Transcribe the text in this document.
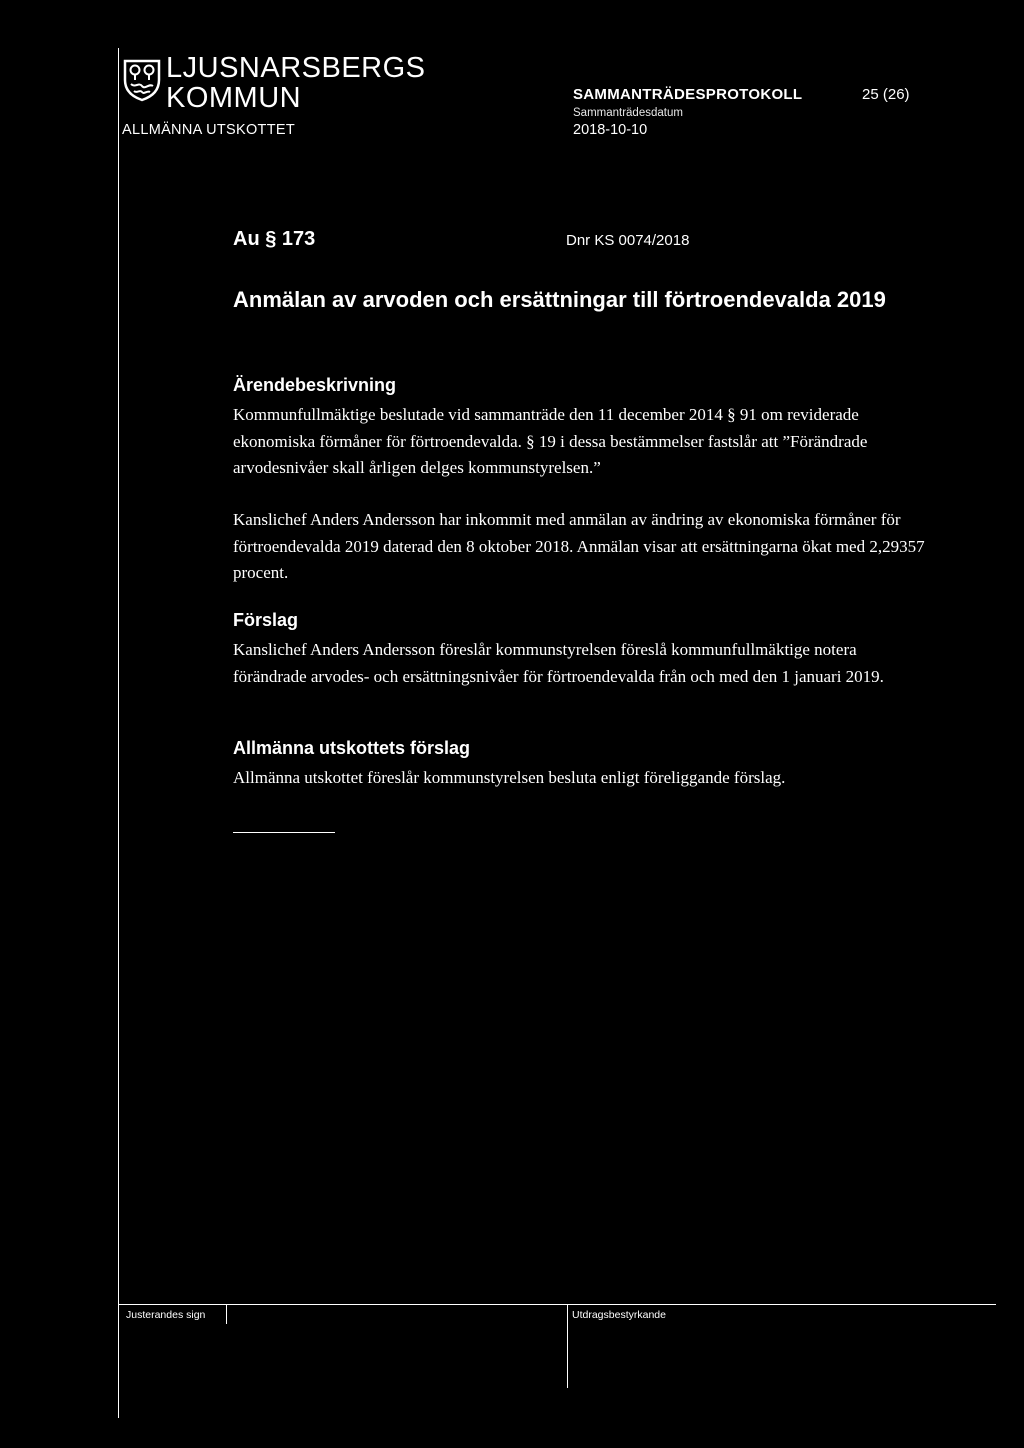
LJUSNARSBERGS
KOMMUN
ALLMÄNNA UTSKOTTET
SAMMANTRÄDESPROTOKOLL
Sammanträdesdatum
2018-10-10
25 (26)
Au § 173	Dnr KS 0074/2018
Anmälan av arvoden och ersättningar till förtroendevalda 2019
Ärendebeskrivning
Kommunfullmäktige beslutade vid sammanträde den 11 december 2014 § 91 om reviderade ekonomiska förmåner för förtroendevalda. § 19 i dessa bestämmelser fastslår att ”Förändrade arvodesnivåer skall årligen delges kommunstyrelsen.”
Kanslichef Anders Andersson har inkommit med anmälan av ändring av ekonomiska förmåner för förtroendevalda 2019 daterad den 8 oktober 2018. Anmälan visar att ersättningarna ökat med 2,29357 procent.
Förslag
Kanslichef Anders Andersson föreslår kommunstyrelsen föreslå kommunfullmäktige notera förändrade arvodes- och ersättningsnivåer för förtroendevalda från och med den 1 januari 2019.
Allmänna utskottets förslag
Allmänna utskottet föreslår kommunstyrelsen besluta enligt föreliggande förslag.
Justerandes sign	Utdragsbestyrkande
